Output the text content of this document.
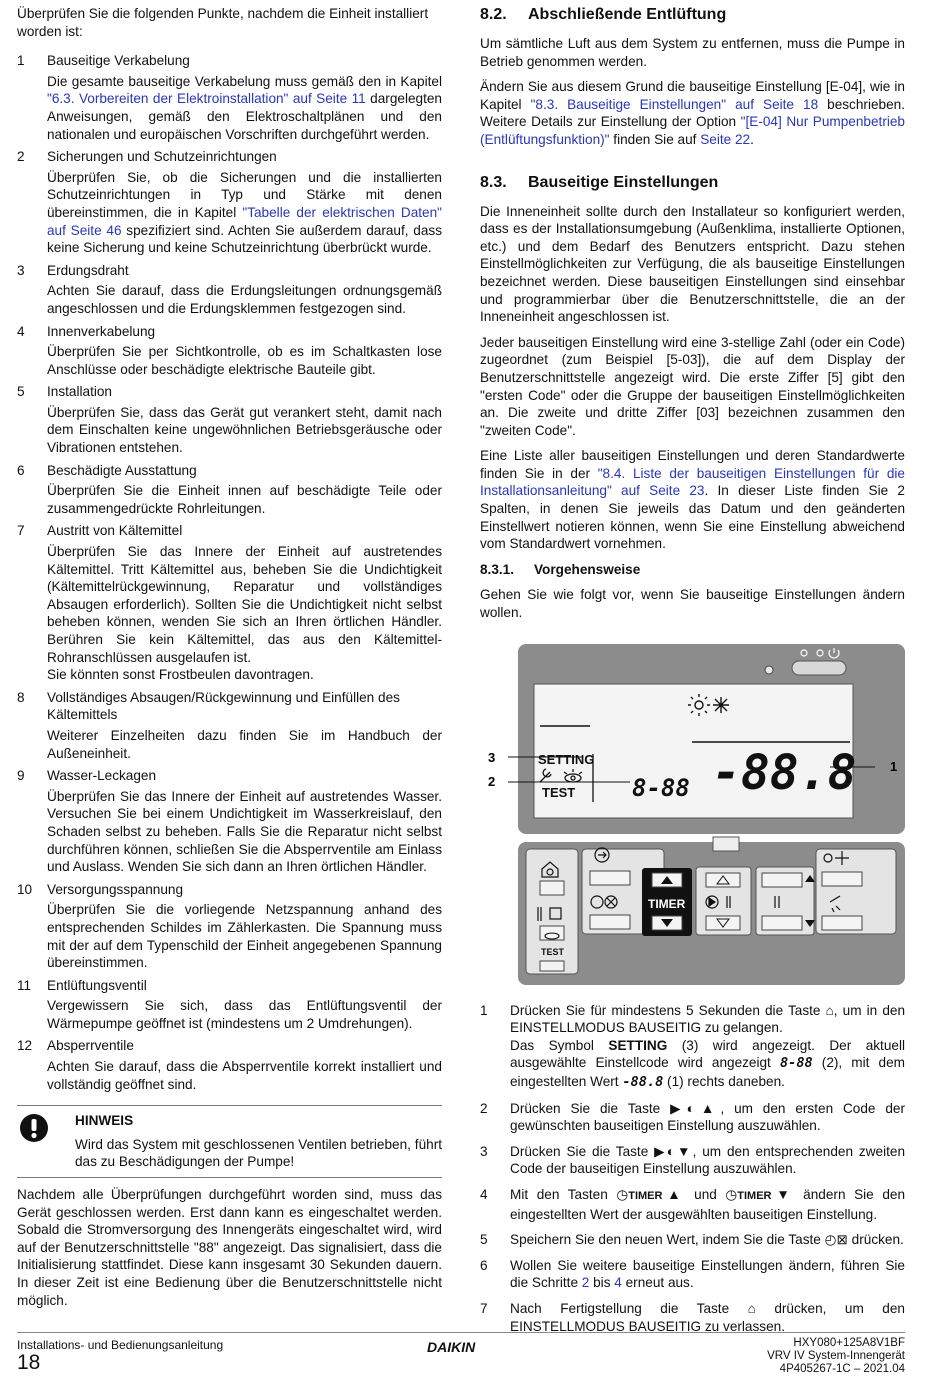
Überprüfen Sie die folgenden Punkte, nachdem die Einheit installiert worden ist:

1 Bauseitige Verkabelung
Die gesamte bauseitige Verkabelung muss gemäß den in Kapitel "6.3. Vorbereiten der Elektroinstallation" auf Seite 11 dargelegten Anweisungen, gemäß den Elektroschaltplänen und den nationalen und europäischen Vorschriften durchgeführt werden.
2 Sicherungen und Schutzeinrichtungen
Überprüfen Sie, ob die Sicherungen und die installierten Schutzeinrichtungen in Typ und Stärke mit denen übereinstimmen, die in Kapitel "Tabelle der elektrischen Daten" auf Seite 46 spezifiziert sind. Achten Sie außerdem darauf, dass keine Sicherung und keine Schutzeinrichtung überbrückt wurde.
3 Erdungsdraht
Achten Sie darauf, dass die Erdungsleitungen ordnungsgemäß angeschlossen und die Erdungsklemmen festgezogen sind.
4 Innenverkabelung
Überprüfen Sie per Sichtkontrolle, ob es im Schaltkasten lose Anschlüsse oder beschädigte elektrische Bauteile gibt.
5 Installation
Überprüfen Sie, dass das Gerät gut verankert steht, damit nach dem Einschalten keine ungewöhnlichen Betriebsgeräusche oder Vibrationen entstehen.
6 Beschädigte Ausstattung
Überprüfen Sie die Einheit innen auf beschädigte Teile oder zusammengedrückte Rohrleitungen.
7 Austritt von Kältemittel
Überprüfen Sie das Innere der Einheit auf austretendes Kältemittel. Tritt Kältemittel aus, beheben Sie die Undichtigkeit (Kältemittelrückgewinnung, Reparatur und vollständiges Absaugen erforderlich). Sollten Sie die Undichtigkeit nicht selbst beheben können, wenden Sie sich an Ihren örtlichen Händler. Berühren Sie kein Kältemittel, das aus den Kältemittel-Rohranschlüssen ausgelaufen ist.
Sie könnten sonst Frostbeulen davontragen.
8 Vollständiges Absaugen/Rückgewinnung und Einfüllen des Kältemittels
Weiterer Einzelheiten dazu finden Sie im Handbuch der Außeneinheit.
9 Wasser-Leckagen
Überprüfen Sie das Innere der Einheit auf austretendes Wasser. Versuchen Sie bei einem Undichtigkeit im Wasserkreislauf, den Schaden selbst zu beheben. Falls Sie die Reparatur nicht selbst durchführen können, schließen Sie die Absperrventile am Einlass und Auslass. Wenden Sie sich dann an Ihren örtlichen Händler.
10 Versorgungsspannung
Überprüfen Sie die vorliegende Netzspannung anhand des entsprechenden Schildes im Zählerkasten. Die Spannung muss mit der auf dem Typenschild der Einheit angegebenen Spannung übereinstimmen.
11 Entlüftungsventil
Vergewissern Sie sich, dass das Entlüftungsventil der Wärmepumpe geöffnet ist (mindestens um 2 Umdrehungen).
12 Absperrventile
Achten Sie darauf, dass die Absperrventile korrekt installiert und vollständig geöffnet sind.
HINWEIS
Wird das System mit geschlossenen Ventilen betrieben, führt das zu Beschädigungen der Pumpe!

Nachdem alle Überprüfungen durchgeführt worden sind, muss das Gerät geschlossen werden. Erst dann kann es eingeschaltet werden. Sobald die Stromversorgung des Innengeräts eingeschaltet wird, wird auf der Benutzerschnittstelle "88" angezeigt. Das signalisiert, dass die Initialisierung stattfindet. Diese kann insgesamt 30 Sekunden dauern. In dieser Zeit ist eine Bedienung über die Benutzerschnittstelle nicht möglich.

8.2. Abschließende Entlüftung

Um sämtliche Luft aus dem System zu entfernen, muss die Pumpe in Betrieb genommen werden.

Ändern Sie aus diesem Grund die bauseitige Einstellung [E-04], wie in Kapitel "8.3. Bauseitige Einstellungen" auf Seite 18 beschrieben. Weitere Details zur Einstellung der Option "[E-04] Nur Pumpenbetrieb (Entlüftungsfunktion)" finden Sie auf Seite 22.

8.3. Bauseitige Einstellungen

Die Inneneinheit sollte durch den Installateur so konfiguriert werden, dass es der Installationsumgebung (Außenklima, installierte Optionen, etc.) und dem Bedarf des Benutzers entspricht. Dazu stehen Einstellmöglichkeiten zur Verfügung, die als bauseitige Einstellungen bezeichnet werden. Diese bauseitigen Einstellungen sind einsehbar und programmierbar über die Benutzerschnittstelle, die an der Inneneinheit angeschlossen ist.

Jeder bauseitigen Einstellung wird eine 3-stellige Zahl (oder ein Code) zugeordnet (zum Beispiel [5-03]), die auf dem Display der Benutzerschnittstelle angezeigt wird. Die erste Ziffer [5] gibt den "ersten Code" oder die Gruppe der bauseitigen Einstellmöglichkeiten an. Die zweite und dritte Ziffer [03] bezeichnen zusammen den "zweiten Code".

Eine Liste aller bauseitigen Einstellungen und deren Standardwerte finden Sie in der "8.4. Liste der bauseitigen Einstellungen für die Installationsanleitung" auf Seite 23. In dieser Liste finden Sie 2 Spalten, in denen Sie jeweils das Datum und den geänderten Einstellwert notieren können, wenn Sie eine Einstellung abweichend vom Standardwert vornehmen.

8.3.1. Vorgehensweise

Gehen Sie wie folgt vor, wenn Sie bauseitige Einstellungen ändern wollen.

SETTING
TEST 8-88 -88.8
3
2
1
TEST
TIMER
1 Drücken Sie für mindestens 5 Sekunden die Taste ⌂, um in den EINSTELLMODUS BAUSEITIG zu gelangen.
Das Symbol SETTING (3) wird angezeigt. Der aktuell ausgewählte Einstellcode wird angezeigt 8-88 (2), mit dem eingestellten Wert -88.8 (1) rechts daneben.
2 Drücken Sie die Taste ▶◐▲, um den ersten Code der gewünschten bauseitigen Einstellung auszuwählen.
3 Drücken Sie die Taste ▶◐▼, um den entsprechenden zweiten Code der bauseitigen Einstellung auszuwählen.
4 Mit den Tasten ◷TIMER▲ und ◷TIMER▼ ändern Sie den eingestellten Wert der ausgewählten bauseitigen Einstellung.
5 Speichern Sie den neuen Wert, indem Sie die Taste ◴⊠ drücken.
6 Wollen Sie weitere bauseitige Einstellungen ändern, führen Sie die Schritte 2 bis 4 erneut aus.
7 Nach Fertigstellung die Taste ⌂ drücken, um den EINSTELLMODUS BAUSEITIG zu verlassen.
Installations- und Bedienungsanleitung
18
DAIKIN	HXY080+125A8V1BF
VRV IV System-Innengerät
4P405267-1C – 2021.04
